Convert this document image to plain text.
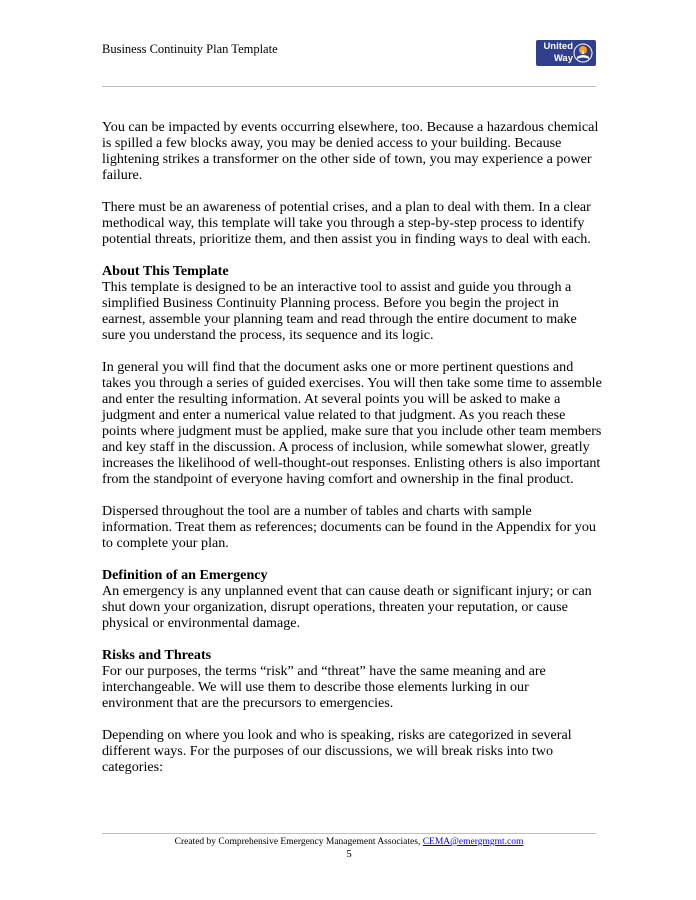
Business Continuity Plan Template	United
Way

You can be impacted by events occurring elsewhere, too. Because a hazardous chemical is spilled a few blocks away, you may be denied access to your building. Because lightening strikes a transformer on the other side of town, you may experience a power failure.

There must be an awareness of potential crises, and a plan to deal with them. In a clear methodical way, this template will take you through a step-by-step process to identify potential threats, prioritize them, and then assist you in finding ways to deal with each.

About This Template

This template is designed to be an interactive tool to assist and guide you through a simplified Business Continuity Planning process. Before you begin the project in earnest, assemble your planning team and read through the entire document to make sure you understand the process, its sequence and its logic.

In general you will find that the document asks one or more pertinent questions and takes you through a series of guided exercises. You will then take some time to assemble and enter the resulting information. At several points you will be asked to make a judgment and enter a numerical value related to that judgment. As you reach these points where judgment must be applied, make sure that you include other team members and key staff in the discussion. A process of inclusion, while somewhat slower, greatly increases the likelihood of well-thought-out responses. Enlisting others is also important from the standpoint of everyone having comfort and ownership in the final product.

Dispersed throughout the tool are a number of tables and charts with sample information. Treat them as references; documents can be found in the Appendix for you to complete your plan.

Definition of an Emergency

An emergency is any unplanned event that can cause death or significant injury; or can shut down your organization, disrupt operations, threaten your reputation, or cause physical or environmental damage.

Risks and Threats

For our purposes, the terms “risk” and “threat” have the same meaning and are interchangeable. We will use them to describe those elements lurking in our environment that are the precursors to emergencies.

Depending on where you look and who is speaking, risks are categorized in several different ways. For the purposes of our discussions, we will break risks into two categories:

Created by Comprehensive Emergency Management Associates, CEMA@emergmgmt.com
5
